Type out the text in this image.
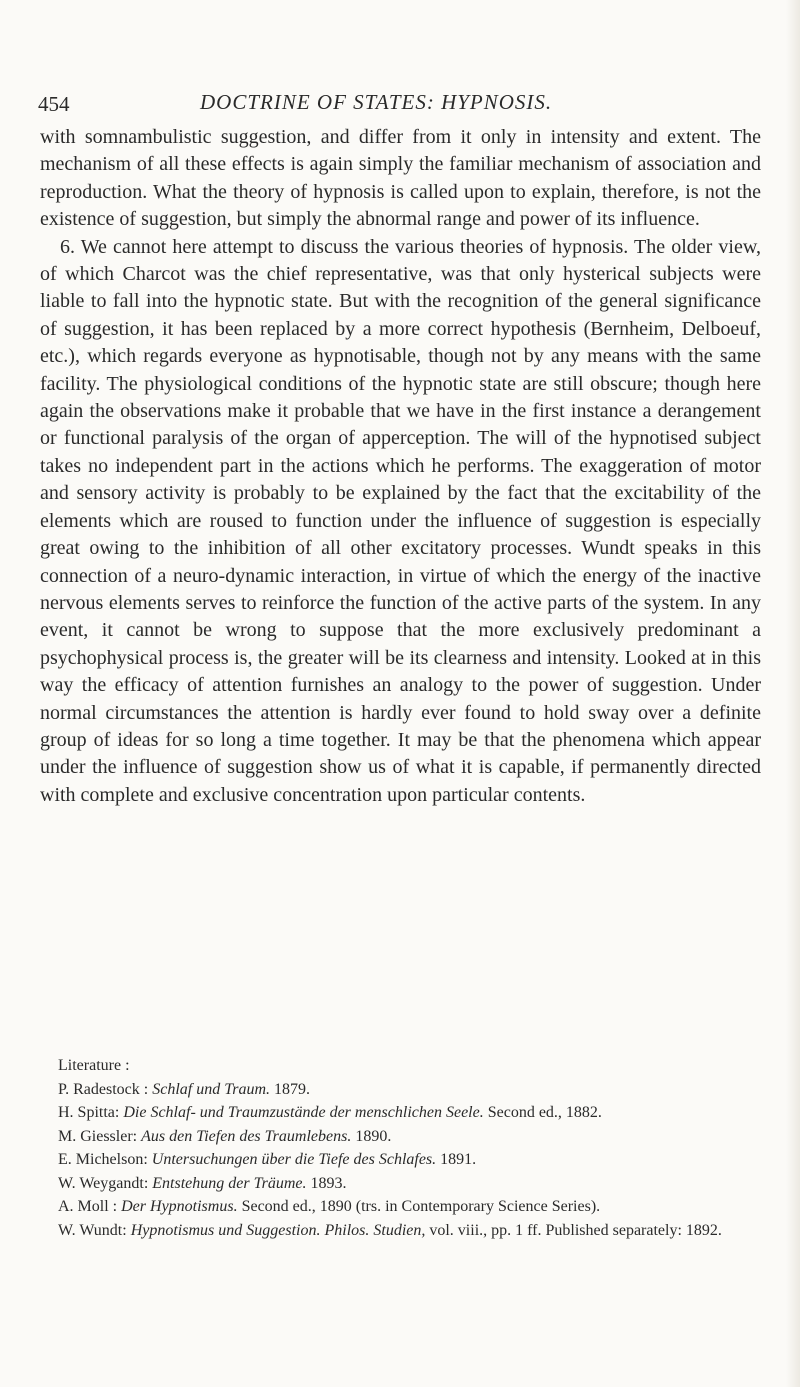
454	DOCTRINE OF STATES: HYPNOSIS.

with somnambulistic suggestion, and differ from it only in intensity and extent. The mechanism of all these effects is again simply the familiar mechanism of association and reproduction. What the theory of hypnosis is called upon to explain, therefore, is not the existence of suggestion, but simply the abnormal range and power of its influence.

6. We cannot here attempt to discuss the various theories of hypnosis. The older view, of which Charcot was the chief representative, was that only hysterical subjects were liable to fall into the hypnotic state. But with the recognition of the general significance of suggestion, it has been replaced by a more correct hypothesis (Bernheim, Delboeuf, etc.), which regards everyone as hypnotisable, though not by any means with the same facility. The physiological conditions of the hypnotic state are still obscure; though here again the observations make it probable that we have in the first instance a derangement or functional paralysis of the organ of apperception. The will of the hypnotised subject takes no independent part in the actions which he performs. The exaggeration of motor and sensory activity is probably to be explained by the fact that the excitability of the elements which are roused to function under the influence of suggestion is especially great owing to the inhibition of all other excitatory processes. Wundt speaks in this connection of a neuro-dynamic interaction, in virtue of which the energy of the inactive nervous elements serves to reinforce the function of the active parts of the system. In any event, it cannot be wrong to suppose that the more exclusively predominant a psychophysical process is, the greater will be its clearness and intensity. Looked at in this way the efficacy of attention furnishes an analogy to the power of suggestion. Under normal circumstances the attention is hardly ever found to hold sway over a definite group of ideas for so long a time together. It may be that the phenomena which appear under the influence of suggestion show us of what it is capable, if permanently directed with complete and exclusive concentration upon particular contents.

Literature :

P. Radestock : Schlaf und Traum. 1879.

H. Spitta: Die Schlaf- und Traumzustände der menschlichen Seele. Second ed., 1882.

M. Giessler: Aus den Tiefen des Traumlebens. 1890.

E. Michelson: Untersuchungen über die Tiefe des Schlafes. 1891.

W. Weygandt: Entstehung der Träume. 1893.

A. Moll : Der Hypnotismus. Second ed., 1890 (trs. in Contemporary Science Series).

W. Wundt: Hypnotismus und Suggestion. Philos. Studien, vol. viii., pp. 1 ff. Published separately: 1892.
